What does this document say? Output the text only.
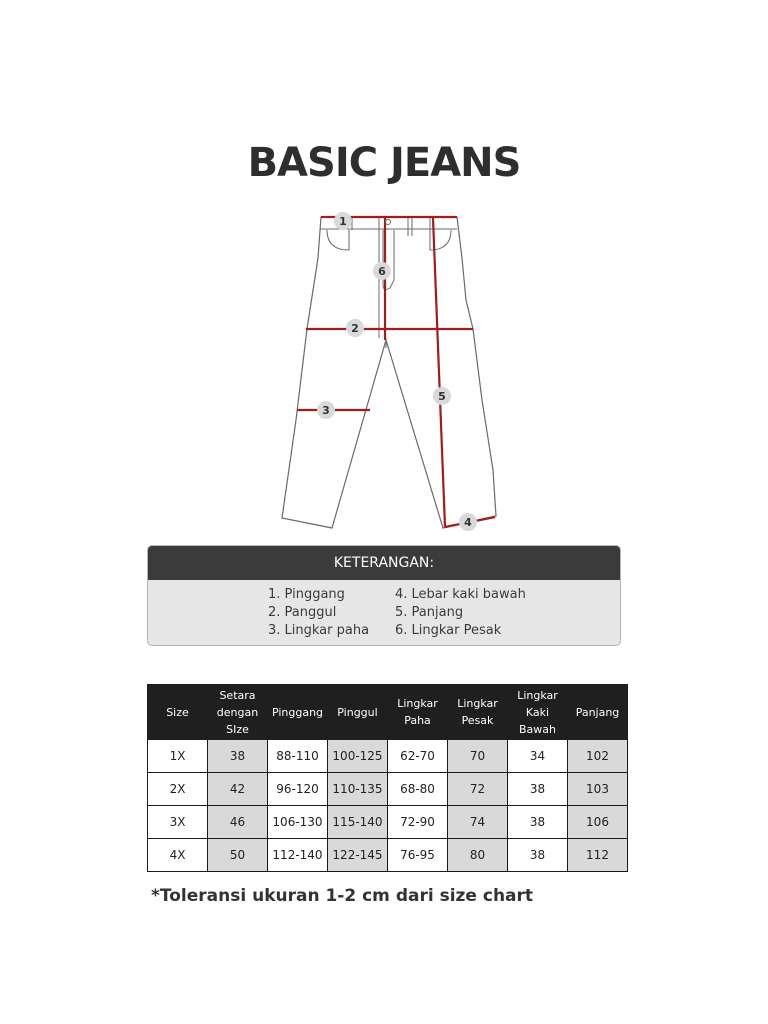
BASIC JEANS
1
2
3
4
5
6
KETERANGAN:
1. Pinggang
2. Panggul
3. Lingkar paha
4. Lebar kaki bawah
5. Panjang
6. Lingkar Pesak
Size	Setara dengan SIze	Pinggang	Pinggul	Lingkar Paha	Lingkar Pesak	Lingkar Kaki Bawah	Panjang
1X	38	88-110	100-125	62-70	70	34	102
2X	42	96-120	110-135	68-80	72	38	103
3X	46	106-130	115-140	72-90	74	38	106
4X	50	112-140	122-145	76-95	80	38	112
*Toleransi ukuran 1-2 cm dari size chart
